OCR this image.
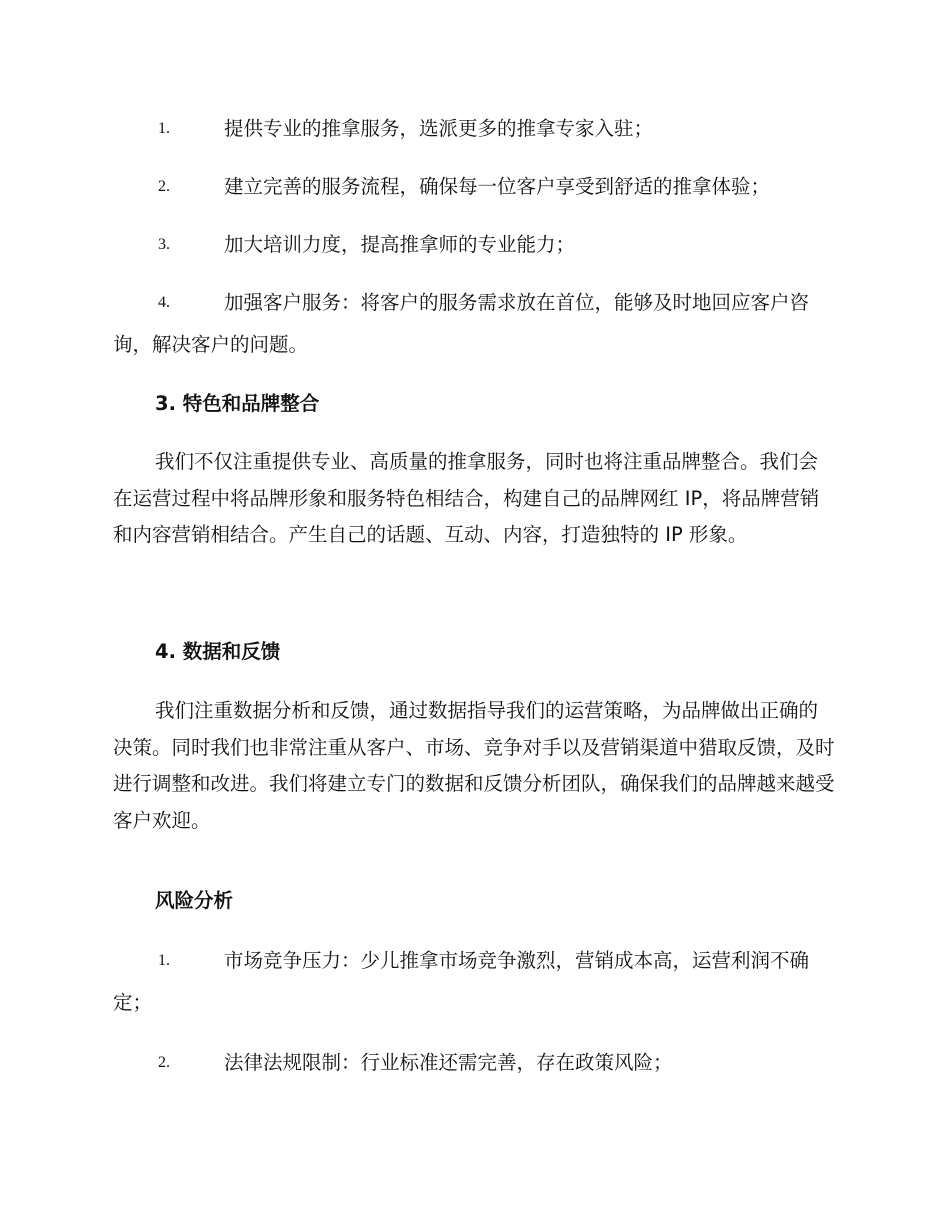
1.	提供专业的推拿服务，选派更多的推拿专家入驻；
2.	建立完善的服务流程，确保每一位客户享受到舒适的推拿体验；
3.	加大培训力度，提高推拿师的专业能力；
4.	加强客户服务：将客户的服务需求放在首位，能够及时地回应客户咨询，解决客户的问题。
3. 特色和品牌整合

我们不仅注重提供专业、高质量的推拿服务，同时也将注重品牌整合。我们会在运营过程中将品牌形象和服务特色相结合，构建自己的品牌网红 IP，将品牌营销和内容营销相结合。产生自己的话题、互动、内容，打造独特的 IP 形象。

4. 数据和反馈

我们注重数据分析和反馈，通过数据指导我们的运营策略，为品牌做出正确的决策。同时我们也非常注重从客户、市场、竞争对手以及营销渠道中猎取反馈，及时进行调整和改进。我们将建立专门的数据和反馈分析团队，确保我们的品牌越来越受客户欢迎。

风险分析
1.	市场竞争压力：少儿推拿市场竞争激烈，营销成本高，运营利润不确定；
2.	法律法规限制：行业标准还需完善，存在政策风险；
